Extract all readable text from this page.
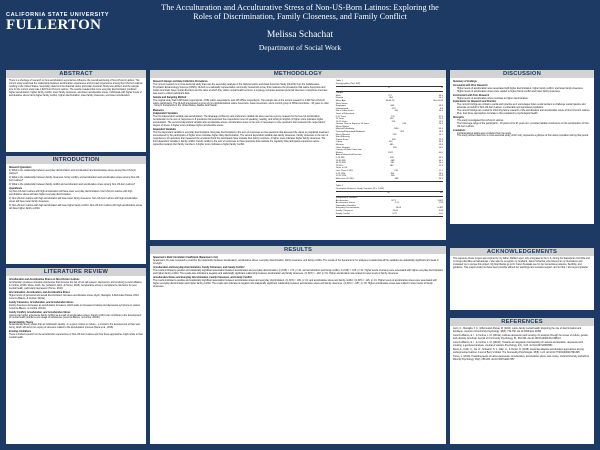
CALIFORNIA STATE UNIVERSITY
FULLERTON
The Acculturation and Acculturative Stress of Non-US-Born Latinos: Exploring the
Roles of Discrimination, Family Closeness, and Family Conflict
Melissa Schachat
Department of Social Work
ABSTRACT

There is a shortage of research on how acculturation experiences influence the overall well-being of Non-US-born Latinos. The current study examined the relationship between acculturation experiences and proxied experiences among Non-US-born Latinos residing in the United States. Secondary data from the National Latino and Asian American Study was utilized, and the sample size for the current study was 1,622 Non-US-born Latinos. The results revealed that more everyday discrimination predicted higher acculturation, higher family conflict, lower family closeness, and lower acculturative stress. Individuals with higher levels of acculturative stress had a higher family conflict, higher discrimination, lower family closeness, and lower acculturation.

INTRODUCTION
Research Questions

1) What is the relationship between everyday discrimination and acculturation and acculturative stress among Non-US-born Latinos?

2) What is the relationship between family closeness, family conflict, and acculturation and acculturative stress among Non-US-born Latinos?

3) What is the relationship between family conflict and acculturation and acculturative stress among Non-US-born Latinos?

Hypotheses

1a) Non-US-born Latinos with high acculturation will have lower everyday discrimination. Non-US-born Latinos with high acculturative stress will have higher everyday discrimination.

2) Non-US-born Latinos with high acculturation will have lower family closeness. Non-US-born Latinos with high acculturative stress will have lower family closeness.

3) Non-US-born Latinos with high acculturation will have higher family conflict. Non-US-born Latinos with high acculturative stress will have higher family conflict.

LITERATURE REVIEW
Acculturation and Acculturative Stress on Non-US-born Latinos

Acculturation produces stressful experiences that increase the risk of low self-esteem, depression, and smoking (Lorenzo-Blanco, & Cortina, 2013b; Meca, Cobb, Xie, Schwartz, Allen, & Hunter, 2018). Acculturative stress is considered a risk factor for poor mental health, particularly depression (Torres, 2010).

Discrimination, Acculturation, and Acculturative Stress

Higher levels of perceived and actual discrimination increases acculturative stress (Ayón, Marsiglia, & Bermudez-Parsai, 2010; Lorenzo-Blanco, & Cortina, 2013a).

Family Closeness, Acculturation, and Acculturative Stress

Family closeness decreases as acculturation increases, which leads to increased smoking and depressive symptoms in Latinos (Lorenzo-Blanco, & Cortina, 2013a).

Family Conflict, Acculturation, and Acculturative Stress

Latinos can further experience family conflict as a result of acculturative stress. Family conflict can contribute to the development of mental health problems and usage of substances (Lorenzo-Blanco, & Cortina, 2013b).

Social Identity Theory

Social identity theory states that an individuals' identity - in a given context or culture - is crucial to the development of their well-being, which will aid in the coping of stressors related to the acculturation process (Meca et al., 2018).

Existing Limitations

There is limited research on the acculturation experiences of Non-US-born Latinos and how these approaches might relate to their mental health.

METHODOLOGY
Research Design and Data Collection Procedures

The current research is a cross-sectional study that uses the secondary analysis of the National Latino and Asian American Study (NLAAS) from the Collaborative Psychiatric Epidemiology Surveys (CPES). NLAAS is a nationally representative community household survey that measures the prevalence that Latino Americans and Asian Americans have mental disorders and the rates at which they utilize mental health services. A topology computer-assisted personal interview or telephone interview was used to collect participant data.

Sample and Sampling Method

The original study had 2,095 Asian respondents, 2,554 Latino respondents, and 215 White respondents. The sample size of the current research is 1,622 Non-US-born Latino participants. The NLAAS interviewed a group of non-institutionalized Latino Americans, Asian Americans, and a control group of White Americans - 18 years or older - living in households in the United States, Alaska, and Hawaii.

Measures
Independent Variables

The first independent variable was acculturation. The language proficiency and preference variable list were used as a proxy measure for the level of acculturation. Acculturation is the sum of responses to 8 questions that examined the respondents' level of speaking, reading, and writing in English. A higher score indicates higher acculturation. The second independent variable was acculturative stress. Acculturative stress is the sum of responses to nine questions that measured the respondents' degree of stress. A higher score indicates higher acculturative stress.

Dependent Variables

The first dependent variable is everyday discrimination. Everyday discrimination is the sum of responses to nine questions that assessed the unjust or prejudicial treatment encountered by the participants. A higher score indicates higher daily discrimination. The second dependent variable was family closeness. Family closeness is the sum of responses to 10 questions that measured the emotional bond the participants have towards their family members. A higher score indicates higher family closeness. The third dependent variable is family conflict. Family conflict is the sum of responses to three questions that evaluate the regularity that participants experience active opposition towards their family members. A higher score indicates a higher family conflict.

Table 1
Demographics (N=1,622)
n	%
Gender
Male	771	44.5
Female	851	55.5
Mean Age	M=43.29	SD=15.99
Work Status
Employed	863	53.9
Unemployed	113	6.8
Not in Labor Force	561	34.6
Years of Education
0-11 Years	776	47.8
12 Years	362	22.3
13-15 Years	216	13.3
Greater Than or Equal to 16 Years	235	14.5
Marital Status
Married/Cohabiting	1060	65.4
Divorced/Separated/Widowed	323	19.9
Never Married	239	14.7
Race/Ethnicity
Puerto Rican	366	22.6
Cuban	541	33.4
Mexican	485	29.9
Other Hispanic	230	14.2
Country of Birth Other than
Mexico	1022	63.0
Annual Household Income
0-14,999	559	34.5
15-34,999	488	30.1
35-74,999	391	24.1
75,000+	184	11.3
Years in US
Less Than 5 YRS	278	17.1
5-10 YRS	390	24.0
11-20 YRS	366	22.6
More than 20 YRS	588	36.3
Table 2
Descriptive Statistics: Study Variables (N = 1,622)
M	SD
Independent Variables
Acculturation	8.73	3.867
Acculturative Stress	2.21	1.93
Dependent Variables
Everyday Discrimination	14.65	6.482
Family Closeness	32.65	3.93
Family Conflict	3.78	1.61
RESULTS
Spearman's Rank Correlation Coefficient (Spearman's rho)

Spearman's rho was computed to examine the relationship between acculturation, acculturative stress, everyday discrimination, family closeness, and family conflict. The results of the Spearman's rho analyses revealed that all the variables are statistically significant and weak in strength.

Acculturation and Everyday Discrimination, Family Closeness, and Family Conflict

The results indicated a positive and statistically significant association between acculturation and everyday discrimination, r(1,615) = .172, p<.01, and acculturation and family conflict, r(1,615) = .105, p<.01. Higher levels of anxiety were associated with higher everyday discrimination and higher family conflict. The results also indicated a negative and statistically significant relationship between acculturation and family closeness, r(1,615) = -.102, p<.01. Higher acculturation was related to lower levels of family closeness.

Acculturative Stress and Everyday Discrimination, Family Closeness, and Family Conflict

The results indicated a positive and statistically significant association between acculturative stress and everyday discrimination, r(1,615) = .199, p<.01, and acculturative stress and family conflict, r(1,615) = .126, p<.01. Higher levels of acculturative stress were associated with higher everyday discrimination and higher family conflict. The results also indicated a negative and statistically significant relationship between acculturative stress and family closeness, r(1,615) = -.057, p<.05. Higher acculturative stress was related to lower levels of family closeness.

DISCUSSION
Summary of Findings
Consistent with Prior Research
• Higher levels of acculturation were associated with higher discrimination, higher family conflict, and lower family closeness.
• Higher levels of acculturative stress were related to higher family conflict and lower family closeness.
Inconsistent with Prior Research
• Higher levels of acculturative stress correlate to higher discrimination.
Implications for Research and Practice
• The current findings are critical to social work practice as it encourages future social workers to challenge social injustice and advocate on behalf of Non-US-born Latinos, a vulnerable and oppressed population.
• The current findings are crucial for informing future research of the acculturation and acculturative stress of Non-US-born Latinos. Plus, how those approaches correlate to this population's psychological health.
Strengths
• This study investigated Non-US-born Latinos.
• The broad age range of the participants - 18 years old to 97 years old - provided reliable conclusions on the acculturation of Non-US-born Latinos.
Limitations
• Institutionalized adults were excluded from the study.
• This study utilized data from a cross-sectional study, which only represents a glimpse of the Latino population during that period.
ACKNOWLEDGEMENTS

This capstone thesis project was inspired by my father, Rafael Lopez, who emigrated to the U.S. during the Salvadoran Civil War and no longer identifies as Salvadoran. I also want to recognize my husband, Jason Schachat, who listened to my frustrations and motivated me to pursue this project. My final thanks go to Dr. Karen Kurasaki-Lee for her tremendous patience, flexibility, and guidance. This project would not have been possible without her teachings and constant support, and for that, I am beyond grateful.

REFERENCES

Ayón, C., Marsiglia, F. F., & Bermudez-Parsai, M. (2010). Latino family mental health: Exploring the role of discrimination and familismo. Journal of Community Psychology, 38(6), 742-756. doi:10.1002/jcop.20392

Lorenzo-Blanco, E. I., & Cortina, L. M. (2013a). Latino/a depression and smoking: An analysis through the lenses of culture, gender, and ethnicity. American Journal of Community Psychology, 51, 332-346. doi:10.1007/s10464-012-9553-3

Lorenzo-Blanco, E. I., & Cortina, L. M. (2013b). Towards an integrated understanding of Latino/a acculturation, depression and smoking: a gendered analysis. Journal of Latina/o Psychology, 1(1), 3-20. doi:10.1037/a0030951

Meca, A., Cobb, C., Xie, D., Schwartz, S. J., Allen, C., & Hunter, R. (2018). Exploring adaptive acculturation approaches among undocumented Latinos: A test of Berry's Model. The Counseling Psychologist, 45(8), 1-24. doi:10.1177/0011000017691495

Torres, L. (2010). Predicting levels of Latino depression: Acculturation, acculturative stress, and coping. Cultural Diversity and Ethnic Minority Psychology, 16(2), 256-263. doi:10.1037/a0017357
